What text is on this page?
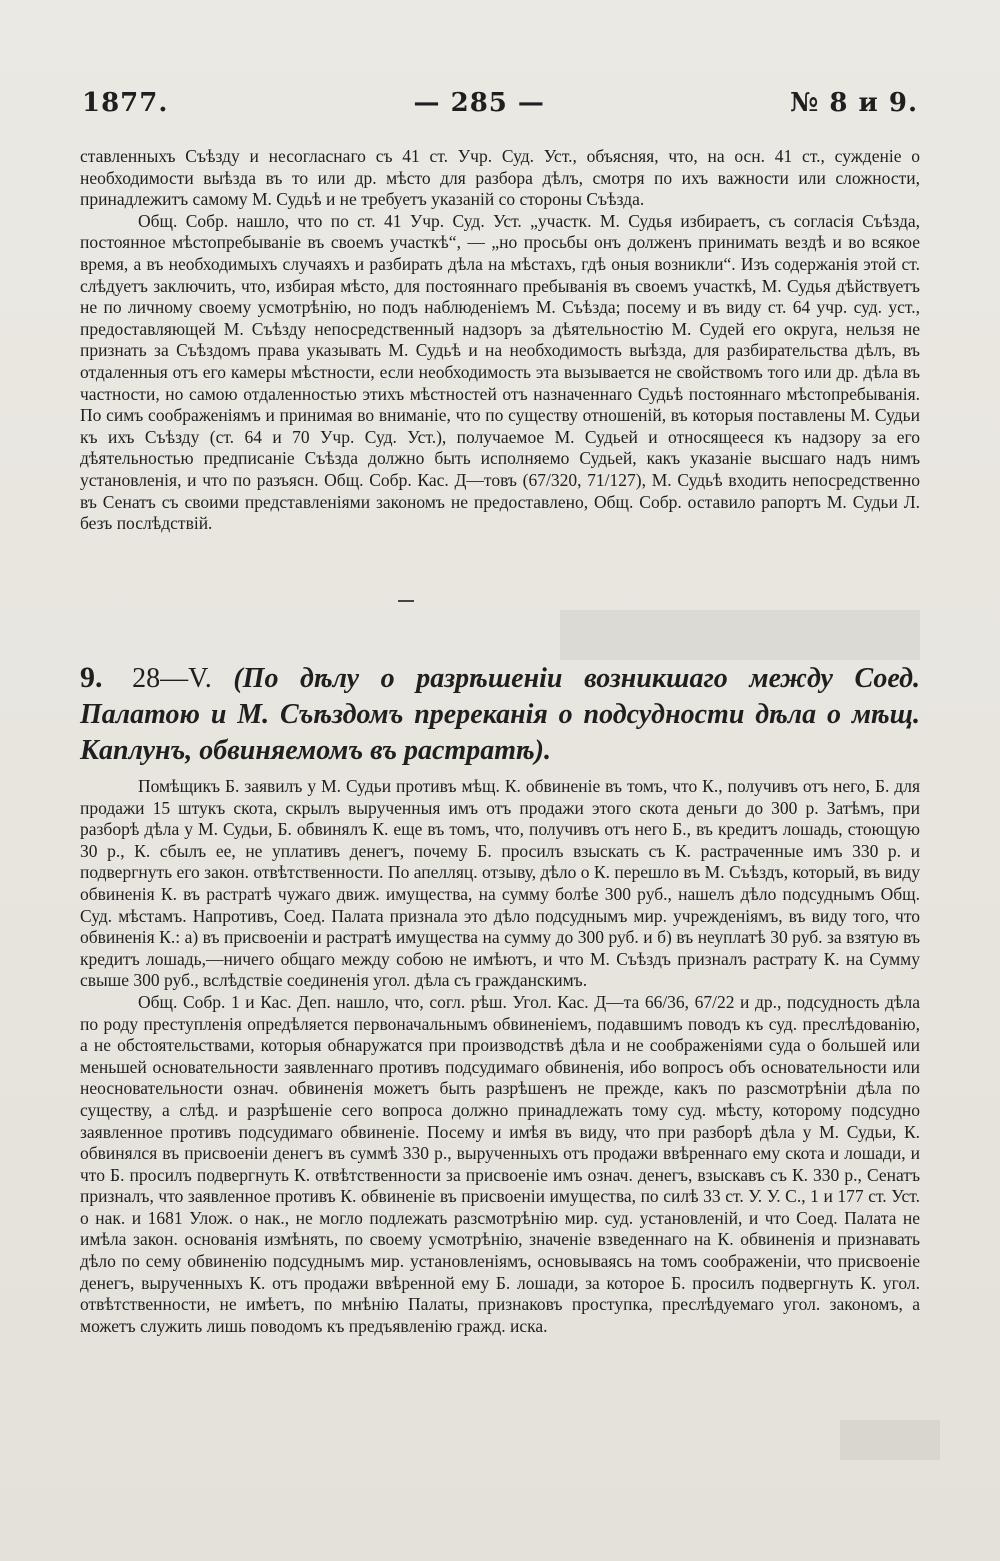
1877.	— 285 —	№ 8 и 9.

ставленныхъ Съѣзду и несогласнаго съ 41 ст. Учр. Суд. Уст., объясняя, что, на осн. 41 ст., сужденіе о необходимости выѣзда въ то или др. мѣсто для разбора дѣлъ, смотря по ихъ важности или сложности, принадлежитъ самому М. Судьѣ и не требуетъ указаній со стороны Съѣзда.

Общ. Собр. нашло, что по ст. 41 Учр. Суд. Уст. „участк. М. Судья избираетъ, съ согласія Съѣзда, постоянное мѣстопребываніе въ своемъ участкѣ“, — „но просьбы онъ долженъ принимать вездѣ и во всякое время, а въ необходимыхъ случаяхъ и разбирать дѣла на мѣстахъ, гдѣ оныя возникли“. Изъ содержанія этой ст. слѣдуетъ заключить, что, избирая мѣсто, для постояннаго пребыванія въ своемъ участкѣ, М. Судья дѣйствуетъ не по личному своему усмотрѣнію, но подъ наблюденіемъ М. Съѣзда; посему и въ виду ст. 64 учр. суд. уст., предоставляющей М. Съѣзду непосредственный надзоръ за дѣятельностію М. Судей его округа, нельзя не признать за Съѣздомъ права указывать М. Судьѣ и на необходимость выѣзда, для разбирательства дѣлъ, въ отдаленныя отъ его камеры мѣстности, если необходимость эта вызывается не свойствомъ того или др. дѣла въ частности, но самою отдаленностью этихъ мѣстностей отъ назначеннаго Судьѣ постояннаго мѣстопребыванія. По симъ соображеніямъ и принимая во вниманіе, что по существу отношеній, въ которыя поставлены М. Судьи къ ихъ Съѣзду (ст. 64 и 70 Учр. Суд. Уст.), получаемое М. Судьей и относящееся къ надзору за его дѣятельностью предписаніе Съѣзда должно быть исполняемо Судьей, какъ указаніе высшаго надъ нимъ установленія, и что по разъясн. Общ. Собр. Кас. Д—товъ (67/320, 71/127), М. Судьѣ входить непосредственно въ Сенатъ съ своими представленіями закономъ не предоставлено, Общ. Собр. оставило рапортъ М. Судьи Л. безъ послѣдствій.

9. 28—V. (По дѣлу о разрѣшеніи возникшаго между Соед. Палатою и М. Съѣздомъ пререканія о подсудности дѣла о мѣщ. Каплунъ, обвиняемомъ въ растратѣ).

Помѣщикъ Б. заявилъ у М. Судьи противъ мѣщ. К. обвиненіе въ томъ, что К., получивъ отъ него, Б. для продажи 15 штукъ скота, скрылъ вырученныя имъ отъ продажи этого скота деньги до 300 р. Затѣмъ, при разборѣ дѣла у М. Судьи, Б. обвинялъ К. еще въ томъ, что, получивъ отъ него Б., въ кредитъ лошадь, стоющую 30 р., К. сбылъ ее, не уплативъ денегъ, почему Б. просилъ взыскать съ К. растраченные имъ 330 р. и подвергнуть его закон. отвѣтственности. По апелляц. отзыву, дѣло о К. перешло въ М. Съѣздъ, который, въ виду обвиненія К. въ растратѣ чужаго движ. имущества, на сумму болѣе 300 руб., нашелъ дѣло подсуднымъ Общ. Суд. мѣстамъ. Напротивъ, Соед. Палата признала это дѣло подсуднымъ мир. учрежденіямъ, въ виду того, что обвиненія К.: а) въ присвоеніи и растратѣ имущества на сумму до 300 руб. и б) въ неуплатѣ 30 руб. за взятую въ кредитъ лошадь,—ничего общаго между собою не имѣютъ, и что М. Съѣздъ призналъ растрату К. на Сумму свыше 300 руб., вслѣдствіе соединенія угол. дѣла съ гражданскимъ.

Общ. Собр. 1 и Кас. Деп. нашло, что, согл. рѣш. Угол. Кас. Д—та 66/36, 67/22 и др., подсудность дѣла по роду преступленія опредѣляется первоначальнымъ обвиненіемъ, подавшимъ поводъ къ суд. преслѣдованію, а не обстоятельствами, которыя обнаружатся при производствѣ дѣла и не соображеніями суда о большей или меньшей основательности заявленнаго противъ подсудимаго обвиненія, ибо вопросъ объ основательности или неосновательности означ. обвиненія можетъ быть разрѣшенъ не прежде, какъ по разсмотрѣніи дѣла по существу, а слѣд. и разрѣшеніе сего вопроса должно принадлежать тому суд. мѣсту, которому подсудно заявленное противъ подсудимаго обвиненіе. Посему и имѣя въ виду, что при разборѣ дѣла у М. Судьи, К. обвинялся въ присвоеніи денегъ въ суммѣ 330 р., вырученныхъ отъ продажи ввѣреннаго ему скота и лошади, и что Б. просилъ подвергнуть К. отвѣтственности за присвоеніе имъ означ. денегъ, взыскавъ съ К. 330 р., Сенатъ призналъ, что заявленное противъ К. обвиненіе въ присвоеніи имущества, по силѣ 33 ст. У. У. С., 1 и 177 ст. Уст. о нак. и 1681 Улож. о нак., не могло подлежать разсмотрѣнію мир. суд. установленій, и что Соед. Палата не имѣла закон. основанія измѣнять, по своему усмотрѣнію, значеніе взведеннаго на К. обвиненія и признавать дѣло по сему обвиненію подсуднымъ мир. установленіямъ, основываясь на томъ соображеніи, что присвоеніе денегъ, вырученныхъ К. отъ продажи ввѣренной ему Б. лошади, за которое Б. просилъ подвергнуть К. угол. отвѣтственности, не имѣетъ, по мнѣнію Палаты, признаковъ проступка, преслѣдуемаго угол. закономъ, а можетъ служить лишь поводомъ къ предъявленію гражд. иска.
